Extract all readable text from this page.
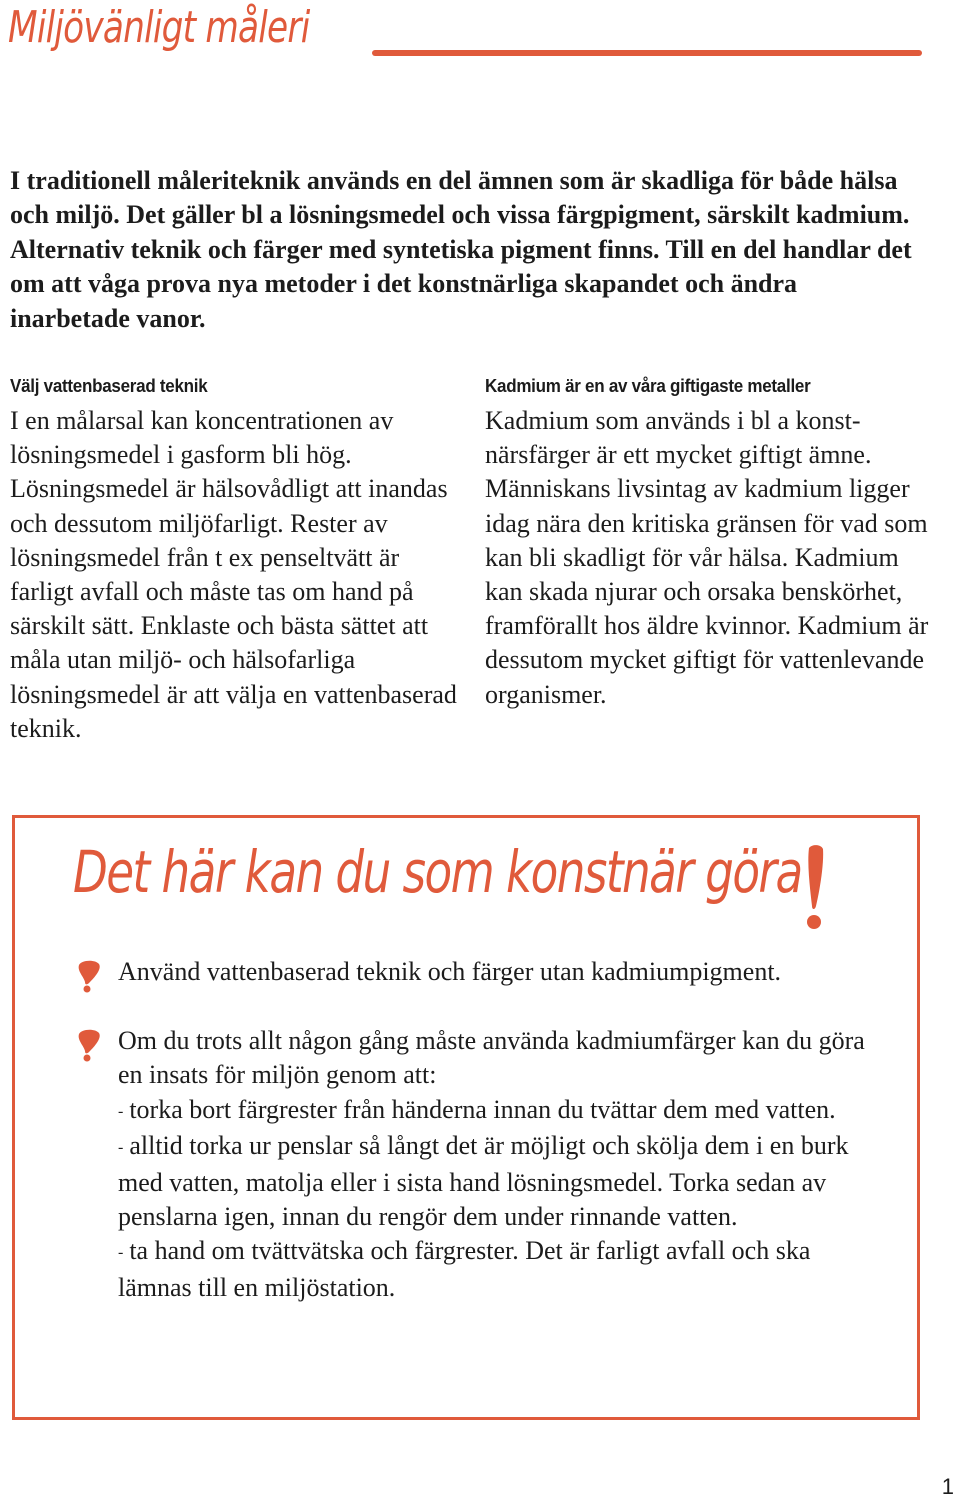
Miljövänligt måleri

I traditionell måleriteknik används en del ämnen som är skadliga för både hälsa och miljö. Det gäller bl a lösningsmedel och vissa färgpigment, särskilt kadmium. Alternativ teknik och färger med syntetiska pigment finns. Till en del handlar det om att våga prova nya metoder i det konstnärliga skapandet och ändra inarbetade vanor.

Välj vattenbaserad teknik

I en målarsal kan koncentrationen av lösningsmedel i gasform bli hög. Lösningsmedel är hälsovådligt att inandas och dessutom miljöfarligt. Rester av lösningsmedel från t ex penseltvätt är farligt avfall och måste tas om hand på särskilt sätt. Enklaste och bästa sättet att måla utan miljö- och hälsofarliga lösningsmedel är att välja en vattenbaserad teknik.

Kadmium är en av våra giftigaste metaller

Kadmium som används i bl a konstnärsfärger är ett mycket giftigt ämne. Människans livsintag av kadmium ligger idag nära den kritiska gränsen för vad som kan bli skadligt för vår hälsa. Kadmium kan skada njurar och orsaka benskörhet, framförallt hos äldre kvinnor. Kadmium är dessutom mycket giftigt för vattenlevande organismer.

Det här kan du som konstnär göra
Använd vattenbaserad teknik och färger utan kadmiumpigment.
Om du trots allt någon gång måste använda kadmiumfärger kan du göra en insats för miljön genom att:
- torka bort färgrester från händerna innan du tvättar dem med vatten.
- alltid torka ur penslar så långt det är möjligt och skölja dem i en burk med vatten, matolja eller i sista hand lösningsmedel. Torka sedan av penslarna igen, innan du rengör dem under rinnande vatten.
- ta hand om tvättvätska och färgrester. Det är farligt avfall och ska lämnas till en miljöstation.
1
